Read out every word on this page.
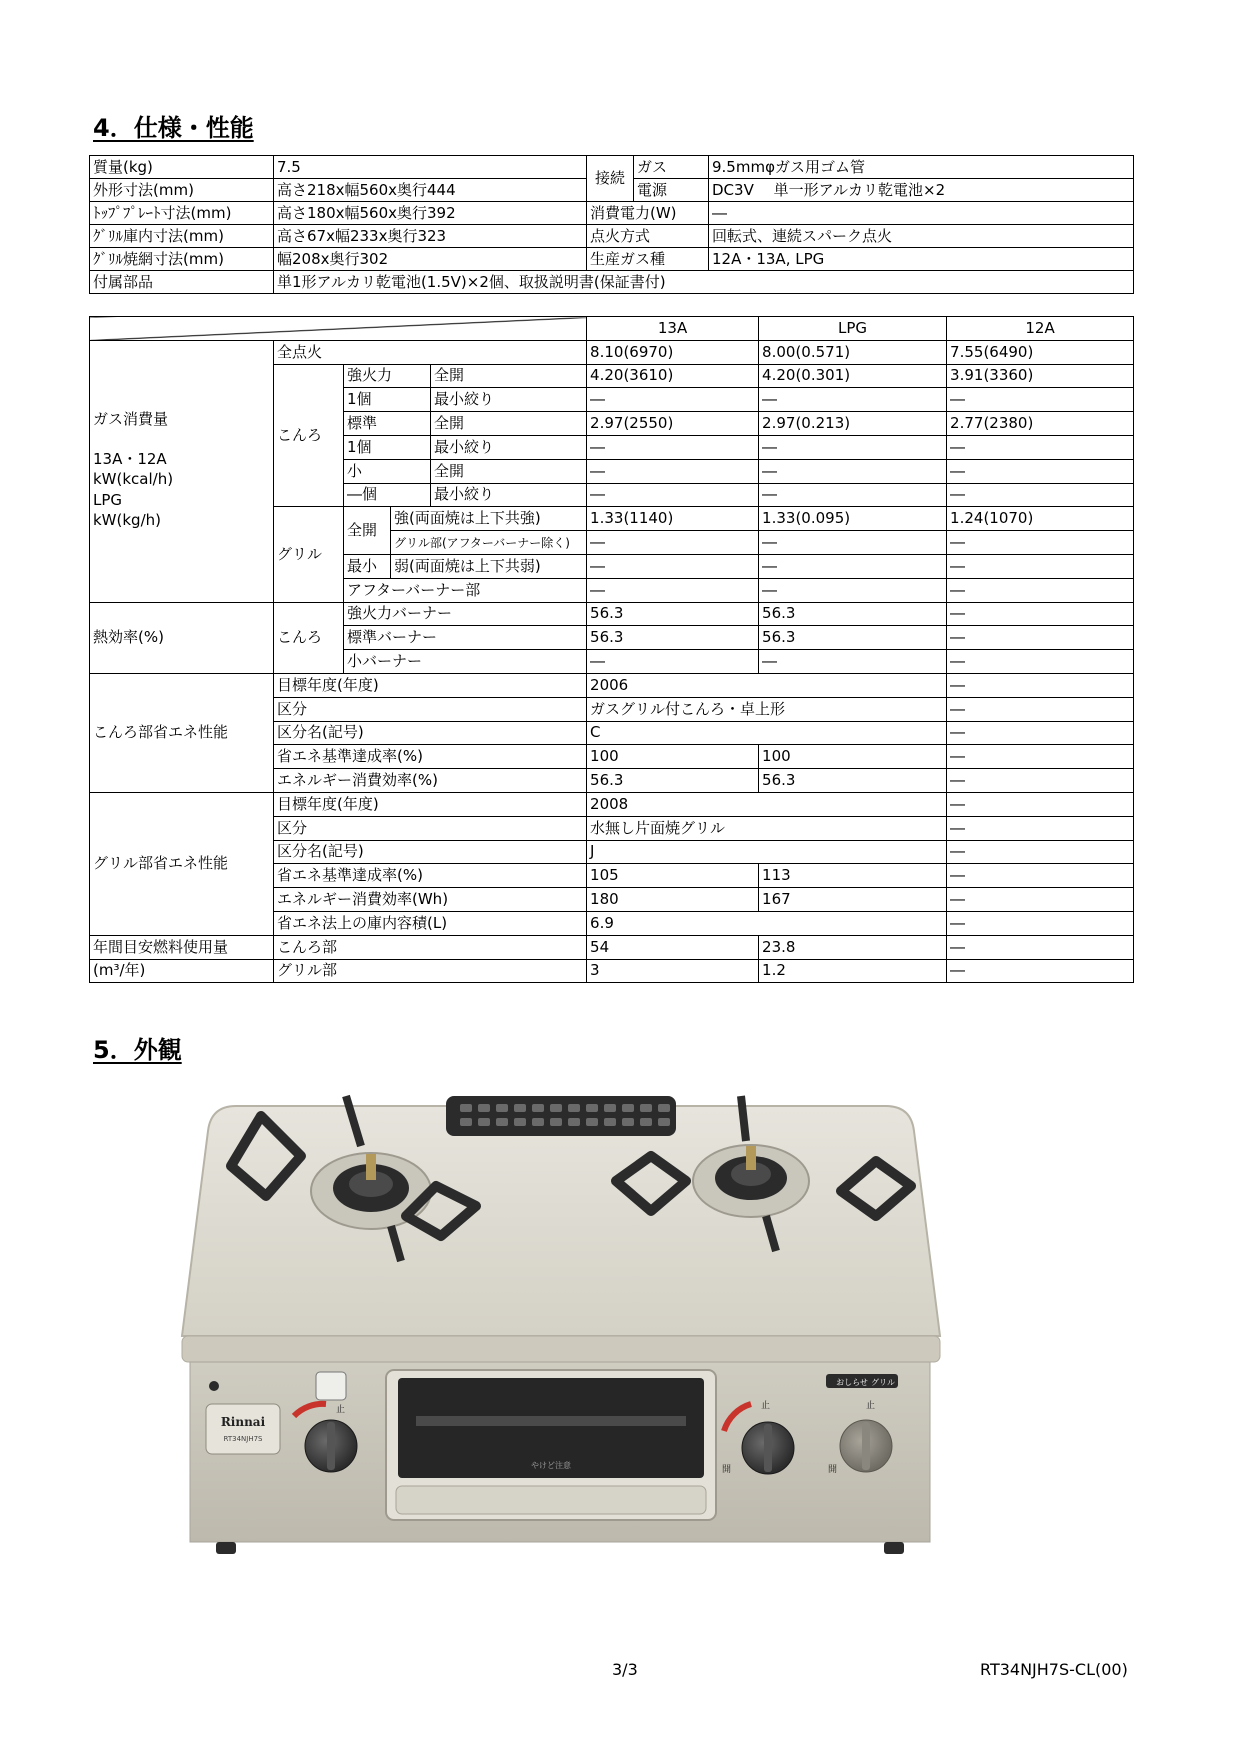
4．仕様・性能
質量(kg)	7.5	接続	ガス	9.5mmφガス用ゴム管
外形寸法(mm)	高さ218x幅560x奥行444		電源	DC3V　 単一形アルカリ乾電池×2
ﾄｯﾌﾟﾌﾟﾚｰﾄ寸法(mm)	高さ180x幅560x奥行392	消費電力(W)		―
ｸﾞﾘﾙ庫内寸法(mm)	高さ67x幅233x奥行323	点火方式		回転式、連続スパーク点火
ｸﾞﾘﾙ焼網寸法(mm)	幅208x奥行302	生産ガス種		12A・13A, LPG
付属部品	単1形アルカリ乾電池(1.5V)×2個、取扱説明書(保証書付)			
					13A	LPG	12A

ガス消費量
13A・12A
kW(kcal/h)
LPG
kW(kg/h)	全点火				8.10(6970)	8.00(0.571)	7.55(6490)
	こんろ	強火力		全開	4.20(3610)	4.20(0.301)	3.91(3360)
		1個		最小絞り	―	―	―
		標準		全開	2.97(2550)	2.97(0.213)	2.77(2380)
		1個		最小絞り	―	―	―
		小		全開	―	―	―
		―個		最小絞り	―	―	―
	グリル	全開	強(両面焼は上下共強)		1.33(1140)	1.33(0.095)	1.24(1070)
			グリル部(アフターバーナー除く)		―	―	―
		最小	弱(両面焼は上下共弱)		―	―	―
		アフターバーナー部			―	―	―
熱効率(%)	こんろ	強火力バーナー			56.3	56.3	―
		標準バーナー			56.3	56.3	―
		小バーナー			―	―	―
こんろ部省エネ性能	目標年度(年度)				2006		―
	区分				ガスグリル付こんろ・卓上形		―
	区分名(記号)				C		―
	省エネ基準達成率(%)				100	100	―
	エネルギー消費効率(%)				56.3	56.3	―
グリル部省エネ性能	目標年度(年度)				2008		―
	区分				水無し片面焼グリル		―
	区分名(記号)				J		―
	省エネ基準達成率(%)				105	113	―
	エネルギー消費効率(Wh)				180	167	―
	省エネ法上の庫内容積(L)				6.9		―
年間目安燃料使用量	こんろ部				54	23.8	―
(m³/年)	グリル部				3	1.2	―
5．外観
やけど注意
Rinnai
RT34NJH7S
止	止
開
おしらせ グリル
止
開
3/3	RT34NJH7S-CL(00)
